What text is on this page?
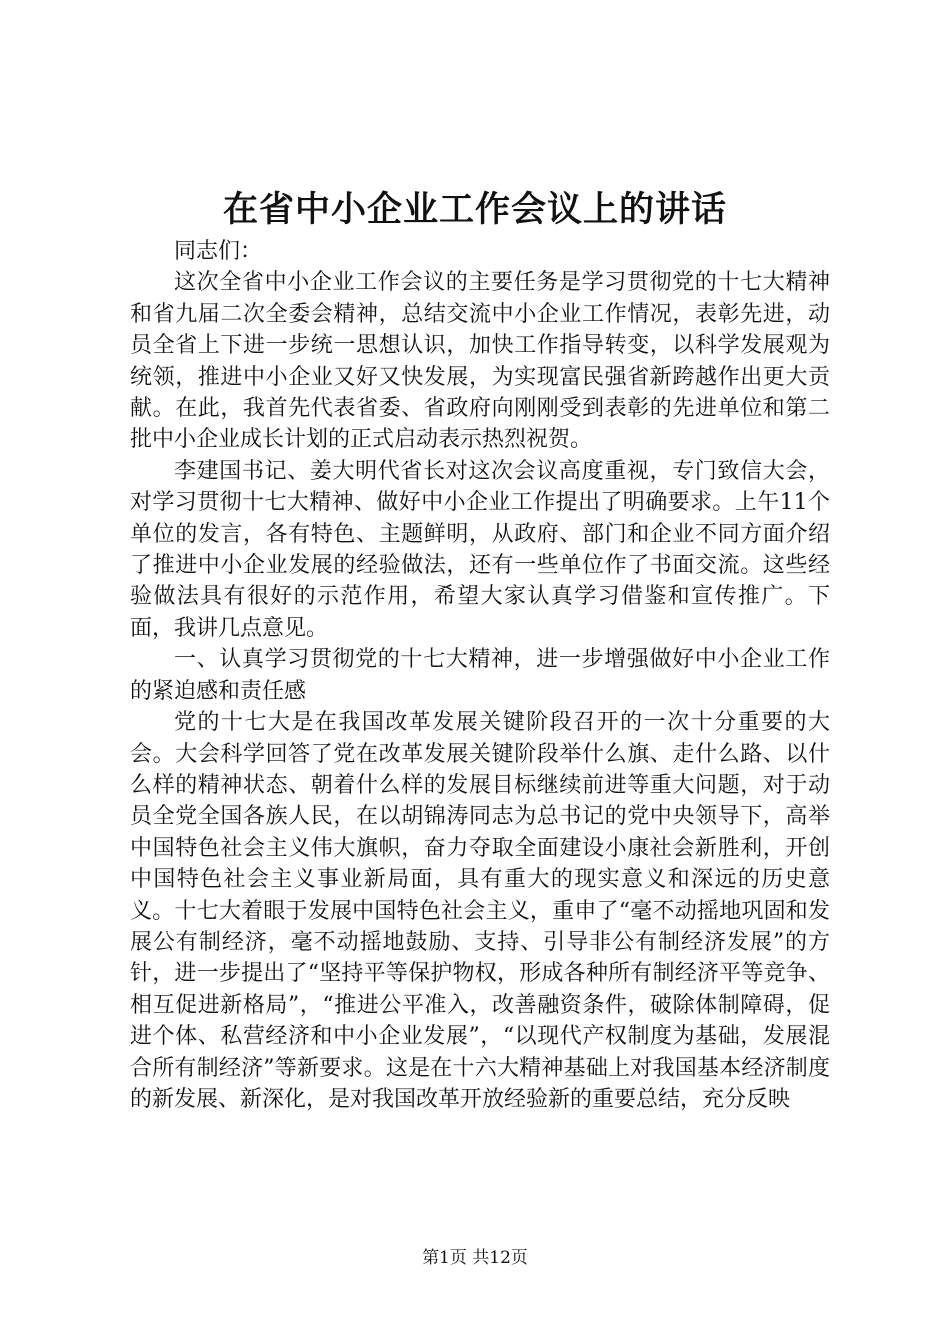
在省中小企业工作会议上的讲话

同志们：

这次全省中小企业工作会议的主要任务是学习贯彻党的十七大精神和省九届二次全委会精神，总结交流中小企业工作情况，表彰先进，动员全省上下进一步统一思想认识，加快工作指导转变，以科学发展观为统领，推进中小企业又好又快发展，为实现富民强省新跨越作出更大贡献。在此，我首先代表省委、省政府向刚刚受到表彰的先进单位和第二批中小企业成长计划的正式启动表示热烈祝贺。

李建国书记、姜大明代省长对这次会议高度重视，专门致信大会，对学习贯彻十七大精神、做好中小企业工作提出了明确要求。上午11个单位的发言，各有特色、主题鲜明，从政府、部门和企业不同方面介绍了推进中小企业发展的经验做法，还有一些单位作了书面交流。这些经验做法具有很好的示范作用，希望大家认真学习借鉴和宣传推广。下面，我讲几点意见。

一、认真学习贯彻党的十七大精神，进一步增强做好中小企业工作的紧迫感和责任感

党的十七大是在我国改革发展关键阶段召开的一次十分重要的大会。大会科学回答了党在改革发展关键阶段举什么旗、走什么路、以什么样的精神状态、朝着什么样的发展目标继续前进等重大问题，对于动员全党全国各族人民，在以胡锦涛同志为总书记的党中央领导下，高举中国特色社会主义伟大旗帜，奋力夺取全面建设小康社会新胜利，开创中国特色社会主义事业新局面，具有重大的现实意义和深远的历史意义。十七大着眼于发展中国特色社会主义，重申了“毫不动摇地巩固和发展公有制经济，毫不动摇地鼓励、支持、引导非公有制经济发展”的方针，进一步提出了“坚持平等保护物权，形成各种所有制经济平等竞争、相互促进新格局”，“推进公平准入，改善融资条件，破除体制障碍，促进个体、私营经济和中小企业发展”，“以现代产权制度为基础，发展混合所有制经济”等新要求。这是在十六大精神基础上对我国基本经济制度的新发展、新深化，是对我国改革开放经验新的重要总结，充分反映

第1页 共12页
